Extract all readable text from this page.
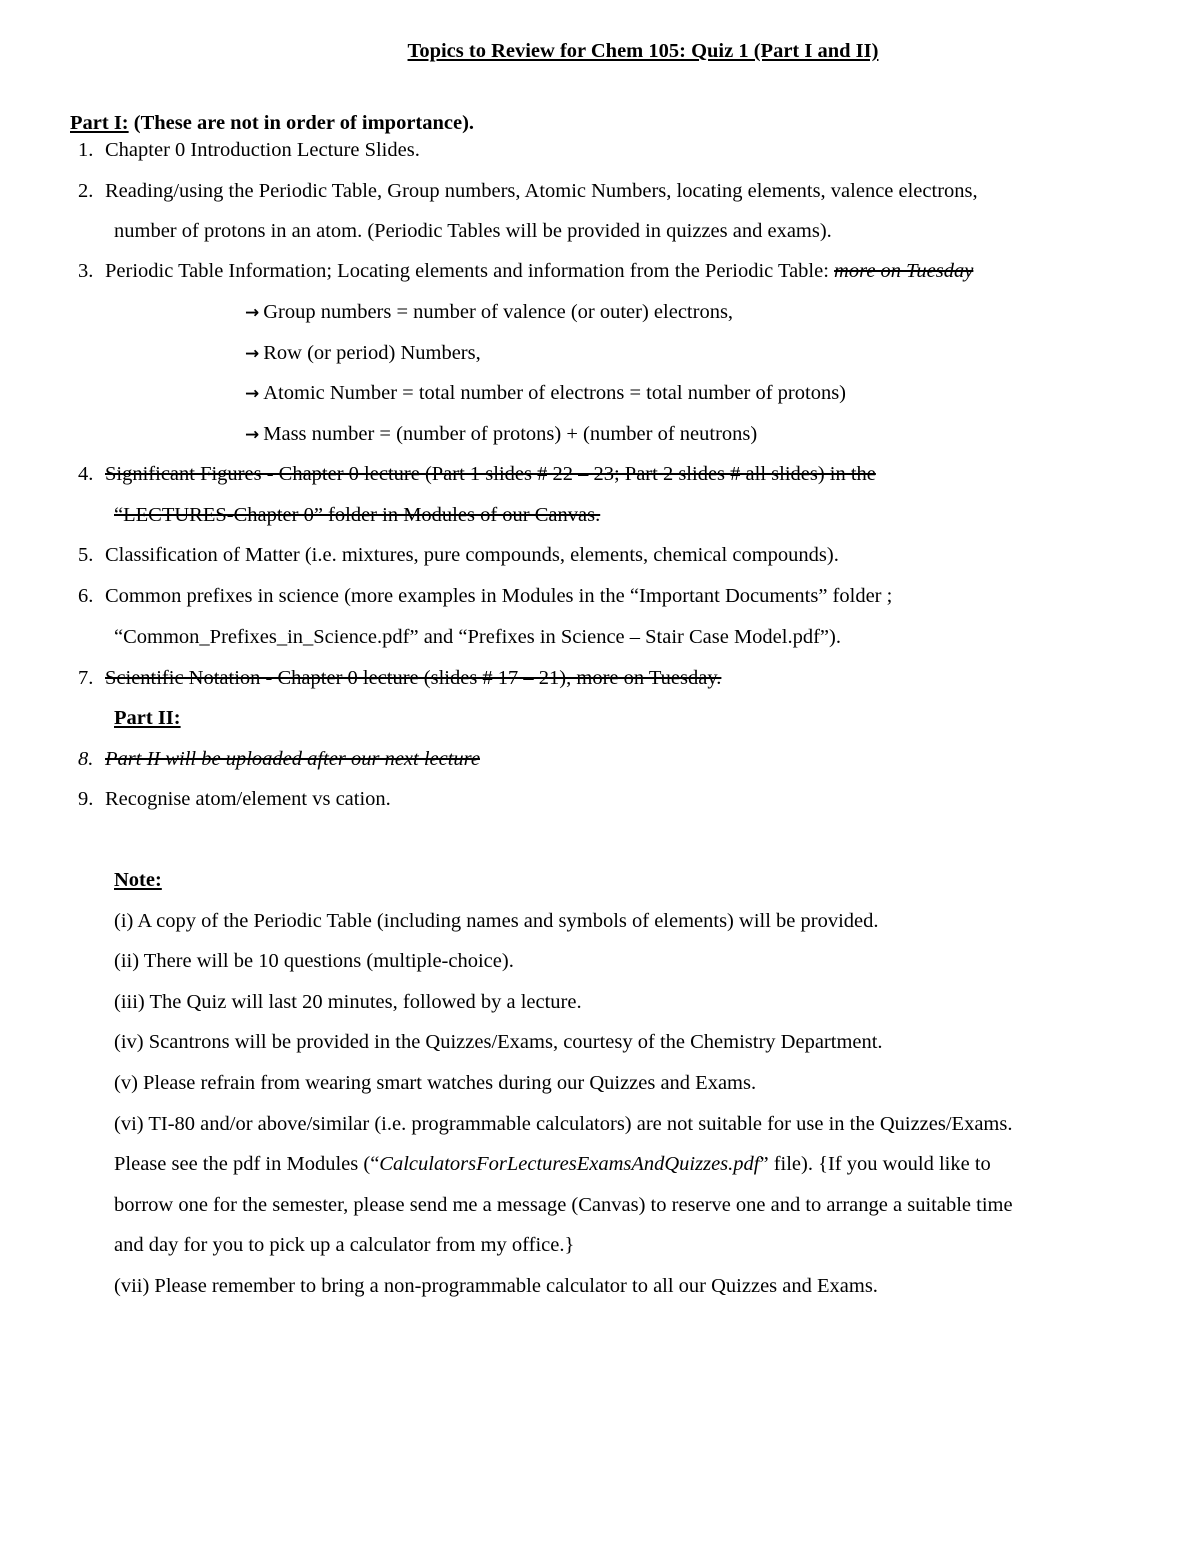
Topics to Review for Chem 105: Quiz 1 (Part I and II)
Part I: (These are not in order of importance).
1. Chapter 0 Introduction Lecture Slides.
2. Reading/using the Periodic Table, Group numbers, Atomic Numbers, locating elements, valence electrons,
number of protons in an atom. (Periodic Tables will be provided in quizzes and exams).
3. Periodic Table Information; Locating elements and information from the Periodic Table: more on Tuesday
→ Group numbers = number of valence (or outer) electrons,
→ Row (or period) Numbers,
→ Atomic Number = total number of electrons = total number of protons)
→ Mass number = (number of protons) + (number of neutrons)
4. Significant Figures - Chapter 0 lecture (Part 1 slides # 22 – 23; Part 2 slides # all slides) in the
“LECTURES-Chapter 0” folder in Modules of our Canvas.
5. Classification of Matter (i.e. mixtures, pure compounds, elements, chemical compounds).
6. Common prefixes in science (more examples in Modules in the “Important Documents” folder ;
“Common_Prefixes_in_Science.pdf” and “Prefixes in Science – Stair Case Model.pdf”).
7. Scientific Notation - Chapter 0 lecture (slides # 17 – 21), more on Tuesday.
Part II:
8. Part II will be uploaded after our next lecture
9. Recognise atom/element vs cation.
Note:
(i) A copy of the Periodic Table (including names and symbols of elements) will be provided.
(ii) There will be 10 questions (multiple-choice).
(iii) The Quiz will last 20 minutes, followed by a lecture.
(iv) Scantrons will be provided in the Quizzes/Exams, courtesy of the Chemistry Department.
(v) Please refrain from wearing smart watches during our Quizzes and Exams.
(vi) TI-80 and/or above/similar (i.e. programmable calculators) are not suitable for use in the Quizzes/Exams.
Please see the pdf in Modules (“CalculatorsForLecturesExamsAndQuizzes.pdf” file). {If you would like to
borrow one for the semester, please send me a message (Canvas) to reserve one and to arrange a suitable time
and day for you to pick up a calculator from my office.}
(vii) Please remember to bring a non-programmable calculator to all our Quizzes and Exams.
